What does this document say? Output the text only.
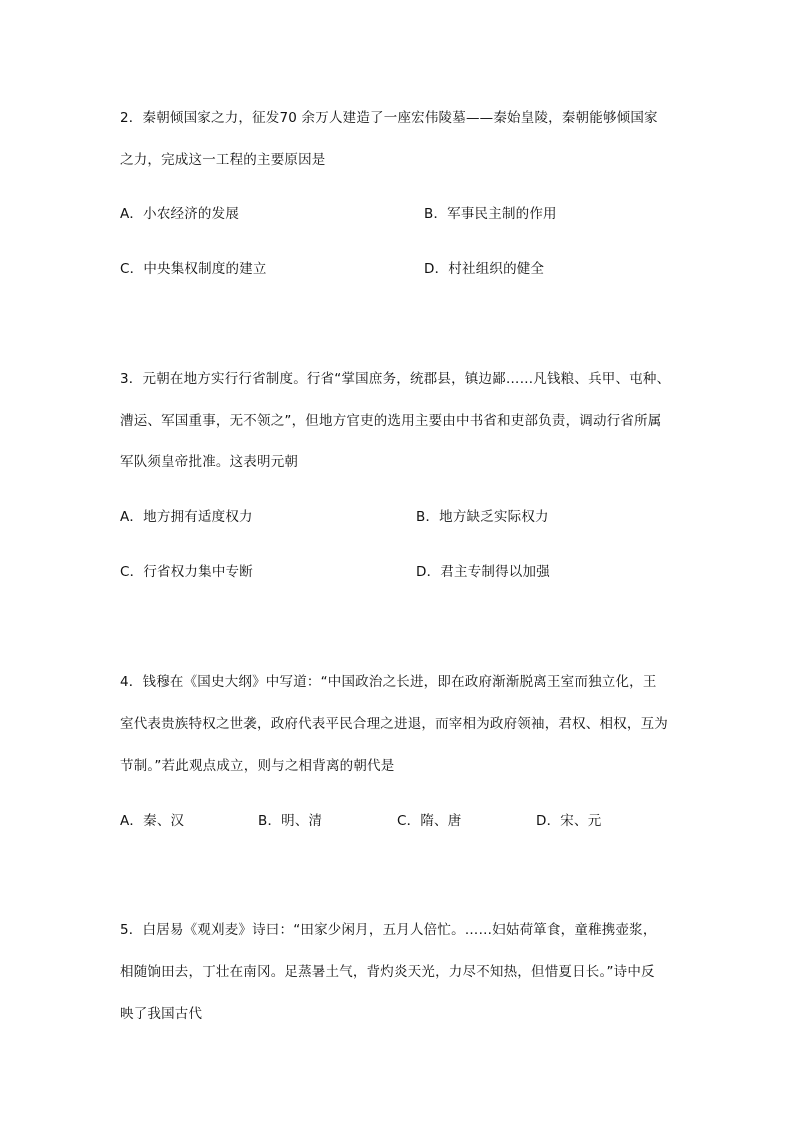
2．秦朝倾国家之力，征发70 余万人建造了一座宏伟陵墓——秦始皇陵，秦朝能够倾国家
之力，完成这一工程的主要原因是
A．小农经济的发展	B．军事民主制的作用
C．中央集权制度的建立	D．村社组织的健全
3．元朝在地方实行行省制度。行省“掌国庶务，统郡县，镇边鄙……凡钱粮、兵甲、屯种、
漕运、军国重事，无不领之”，但地方官吏的选用主要由中书省和吏部负责，调动行省所属
军队须皇帝批准。这表明元朝
A．地方拥有适度权力	B．地方缺乏实际权力
C．行省权力集中专断	D．君主专制得以加强
4．钱穆在《国史大纲》中写道：“中国政治之长进，即在政府渐渐脱离王室而独立化，王
室代表贵族特权之世袭，政府代表平民合理之进退，而宰相为政府领袖，君权、相权，互为
节制。”若此观点成立，则与之相背离的朝代是
A．秦、汉	B．明、清	C．隋、唐	D．宋、元
5．白居易《观刈麦》诗曰：“田家少闲月，五月人倍忙。……妇姑荷箪食，童稚携壶浆，
相随饷田去，丁壮在南冈。足蒸暑土气，背灼炎天光，力尽不知热，但惜夏日长。”诗中反
映了我国古代
